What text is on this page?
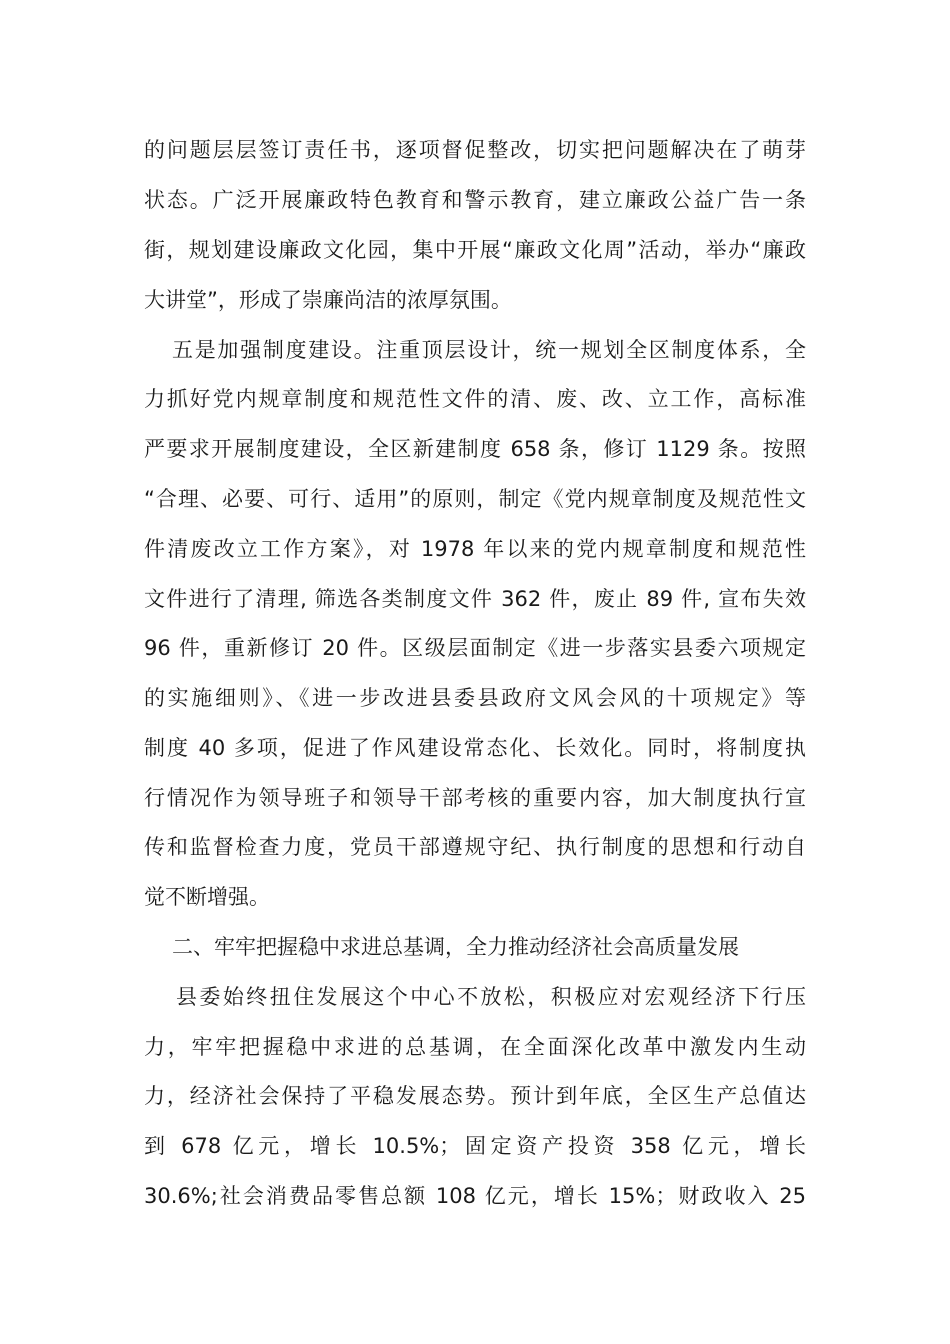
的问题层层签订责任书，逐项督促整改，切实把问题解决在了萌芽
状态。广泛开展廉政特色教育和警示教育，建立廉政公益广告一条
街，规划建设廉政文化园，集中开展“廉政文化周”活动，举办“廉政
大讲堂”，形成了崇廉尚洁的浓厚氛围。
五是加强制度建设。注重顶层设计，统一规划全区制度体系，全
力抓好党内规章制度和规范性文件的清、废、改、立工作，高标准
严要求开展制度建设，全区新建制度 658 条，修订 1129 条。按照
“合理、必要、可行、适用”的原则，制定《党内规章制度及规范性文
件清废改立工作方案》，对 1978 年以来的党内规章制度和规范性
文件进行了清理, 筛选各类制度文件 362 件，废止 89 件, 宣布失效
96 件，重新修订 20 件。区级层面制定《进一步落实县委六项规定
的实施细则》、《进一步改进县委县政府文风会风的十项规定》等
制度 40 多项，促进了作风建设常态化、长效化。同时，将制度执
行情况作为领导班子和领导干部考核的重要内容，加大制度执行宣
传和监督检查力度，党员干部遵规守纪、执行制度的思想和行动自
觉不断增强。
二、牢牢把握稳中求进总基调，全力推动经济社会高质量发展
县委始终扭住发展这个中心不放松，积极应对宏观经济下行压
力，牢牢把握稳中求进的总基调，在全面深化改革中激发内生动
力，经济社会保持了平稳发展态势。预计到年底，全区生产总值达
到 678 亿元，增长 10.5%；固定资产投资 358 亿元，增长
30.6%;社会消费品零售总额 108 亿元，增长 15%；财政收入 25
